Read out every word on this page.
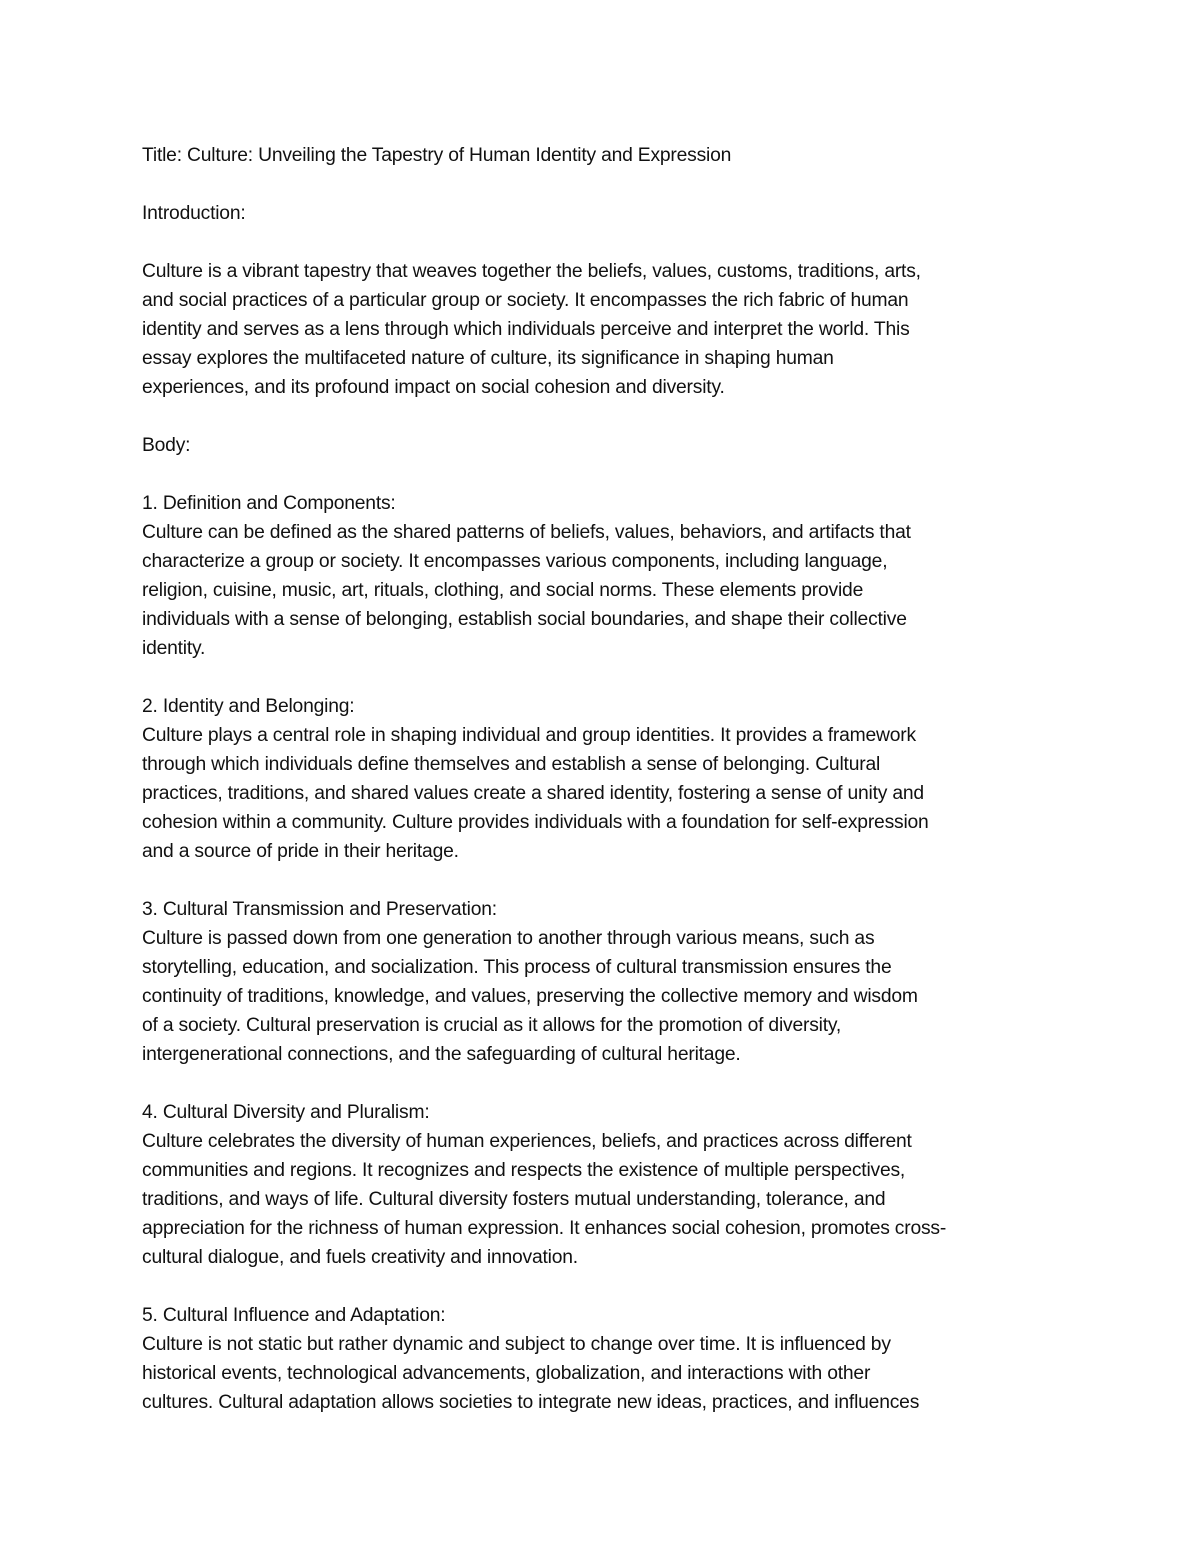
Title: Culture: Unveiling the Tapestry of Human Identity and Expression

Introduction:

Culture is a vibrant tapestry that weaves together the beliefs, values, customs, traditions, arts,

and social practices of a particular group or society. It encompasses the rich fabric of human

identity and serves as a lens through which individuals perceive and interpret the world. This

essay explores the multifaceted nature of culture, its significance in shaping human

experiences, and its profound impact on social cohesion and diversity.

Body:

1. Definition and Components:

Culture can be defined as the shared patterns of beliefs, values, behaviors, and artifacts that

characterize a group or society. It encompasses various components, including language,

religion, cuisine, music, art, rituals, clothing, and social norms. These elements provide

individuals with a sense of belonging, establish social boundaries, and shape their collective

identity.

2. Identity and Belonging:

Culture plays a central role in shaping individual and group identities. It provides a framework

through which individuals define themselves and establish a sense of belonging. Cultural

practices, traditions, and shared values create a shared identity, fostering a sense of unity and

cohesion within a community. Culture provides individuals with a foundation for self-expression

and a source of pride in their heritage.

3. Cultural Transmission and Preservation:

Culture is passed down from one generation to another through various means, such as

storytelling, education, and socialization. This process of cultural transmission ensures the

continuity of traditions, knowledge, and values, preserving the collective memory and wisdom

of a society. Cultural preservation is crucial as it allows for the promotion of diversity,

intergenerational connections, and the safeguarding of cultural heritage.

4. Cultural Diversity and Pluralism:

Culture celebrates the diversity of human experiences, beliefs, and practices across different

communities and regions. It recognizes and respects the existence of multiple perspectives,

traditions, and ways of life. Cultural diversity fosters mutual understanding, tolerance, and

appreciation for the richness of human expression. It enhances social cohesion, promotes cross-

cultural dialogue, and fuels creativity and innovation.

5. Cultural Influence and Adaptation:

Culture is not static but rather dynamic and subject to change over time. It is influenced by

historical events, technological advancements, globalization, and interactions with other

cultures. Cultural adaptation allows societies to integrate new ideas, practices, and influences
